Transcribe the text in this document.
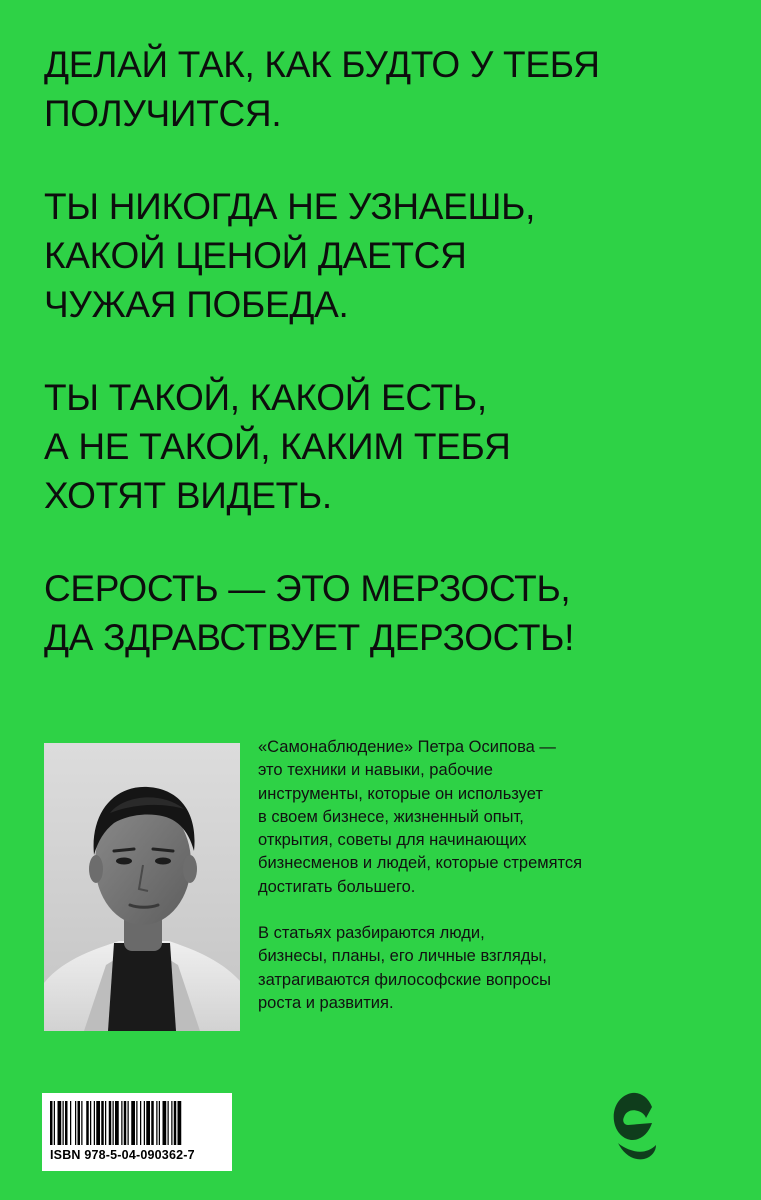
ДЕЛАЙ ТАК, КАК БУДТО У ТЕБЯ
ПОЛУЧИТСЯ.
ТЫ НИКОГДА НЕ УЗНАЕШЬ,
КАКОЙ ЦЕНОЙ ДАЕТСЯ
ЧУЖАЯ ПОБЕДА.
ТЫ ТАКОЙ, КАКОЙ ЕСТЬ,
А НЕ ТАКОЙ, КАКИМ ТЕБЯ
ХОТЯТ ВИДЕТЬ.
СЕРОСТЬ — ЭТО МЕРЗОСТЬ,
ДА ЗДРАВСТВУЕТ ДЕРЗОСТЬ!

«Самонаблюдение» Петра Осипова —
это техники и навыки, рабочие
инструменты, которые он использует
в своем бизнесе, жизненный опыт,
открытия, советы для начинающих
бизнесменов и людей, которые стремятся
достигать большего.

В статьях разбираются люди,
бизнесы, планы, его личные взгляды,
затрагиваются философские вопросы
роста и развития.

ISBN 978-5-04-090362-7
